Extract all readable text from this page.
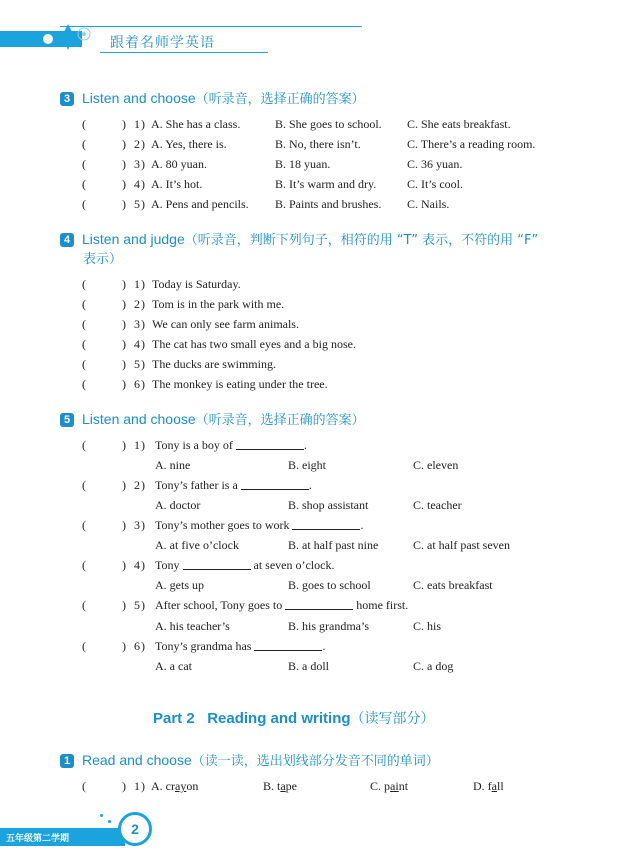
跟着名师学英语
3 Listen and choose（听录音，选择正确的答案）
(	) 1 ) A. She has a class.	B. She goes to school. C. She eats breakfast.
(	) 2 ) A. Yes, there is.	B. No, there isn’t.	C. There’s a reading room.
(	) 3 ) A. 80 yuan.	B. 18 yuan.	C. 36 yuan.
(	) 4 ) A. It’s hot.	B. It’s warm and dry.	C. It’s cool.
(	) 5 ) A. Pens and pencils. B. Paints and brushes. C. Nails.
4 Listen and judge（听录音，判断下列句子，相符的用 “T” 表示，不符的用 “F”
表示）
(	) 1 ) Today is Saturday.
(	) 2 ) Tom is in the park with me.
(	) 3 ) We can only see farm animals.
(	) 4 ) The cat has two small eyes and a big nose.
(	) 5 ) The ducks are swimming.
(	) 6 ) The monkey is eating under the tree.
5 Listen and choose（听录音，选择正确的答案）
(	) 1 ) Tony is a boy of	.
A. nine	B. eight	C. eleven
(	) 2 ) Tony’s father is a	.
A. doctor	B. shop assistant	C. teacher
(	) 3 ) Tony’s mother goes to work	.
A. at five o’clock	B. at half past nine	C. at half past seven
(	) 4 ) Tony	at seven o’clock.
A. gets up	B. goes to school	C. eats breakfast
(	) 5 ) After school, Tony goes to	home first.
A. his teacher’s	B. his grandma’s	C. his
(	) 6 ) Tony’s grandma has	.
A. a cat	B. a doll	C. a dog
Part 2   Reading and writing（读写部分）
1 Read and choose（读一读，选出划线部分发音不同的单词）
(	) 1 ) A. crayon	B. tape	C. paint	D. fall
五年级第二学期
2
